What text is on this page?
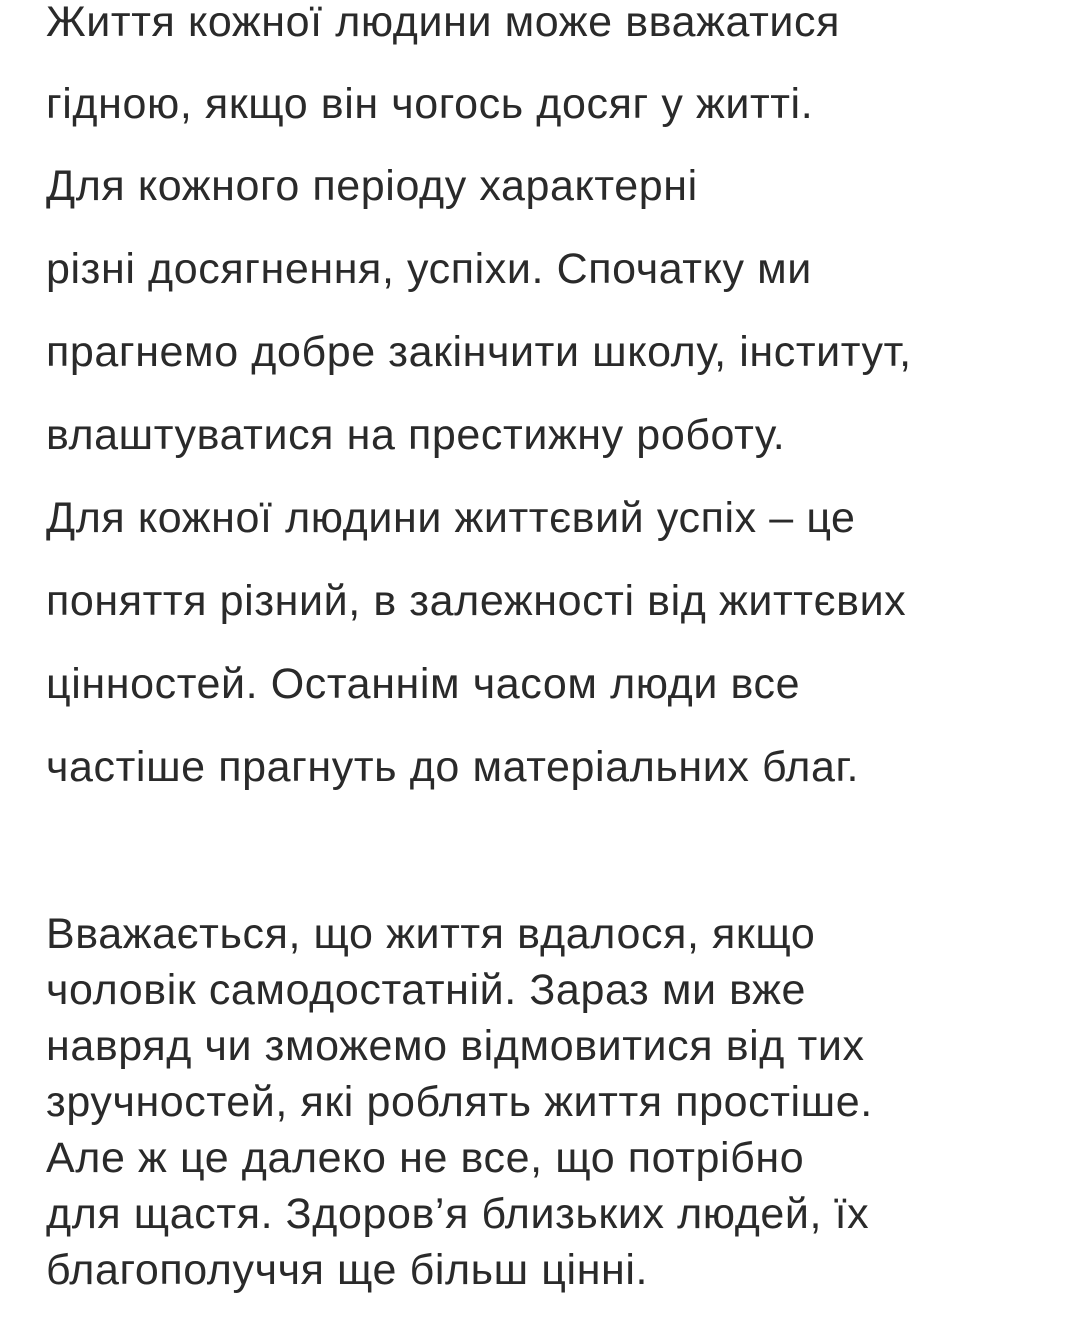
Життя кожної людини може вважатися

гідною, якщо він чогось досяг у житті.

Для кожного періоду характерні

різні досягнення, успіхи. Спочатку ми

прагнемо добре закінчити школу, інститут,

влаштуватися на престижну роботу.

Для кожної людини життєвий успіх – це

поняття різний, в залежності від життєвих

цінностей. Останнім часом люди все

частіше прагнуть до матеріальних благ.

Вважається, що життя вдалося, якщо

чоловік самодостатній. Зараз ми вже

навряд чи зможемо відмовитися від тих

зручностей, які роблять життя простіше.

Але ж це далеко не все, що потрібно

для щастя. Здоров’я близьких людей, їх

благополуччя ще більш цінні.
